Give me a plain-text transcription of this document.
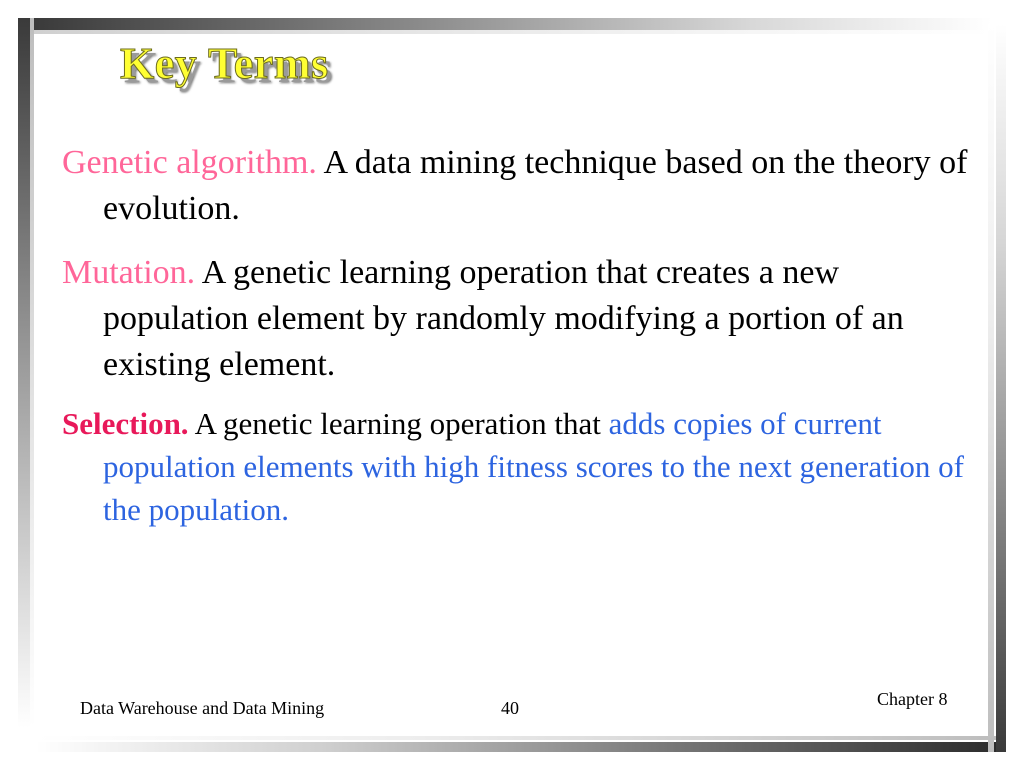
Key Terms

Genetic algorithm. A data mining technique based on the theory of evolution.

Mutation. A genetic learning operation that creates a new population element by randomly modifying a portion of an existing element.

Selection. A genetic learning operation that adds copies of current population elements with high fitness scores to the next generation of the population.

Data Warehouse and Data Mining	40	Chapter 8
